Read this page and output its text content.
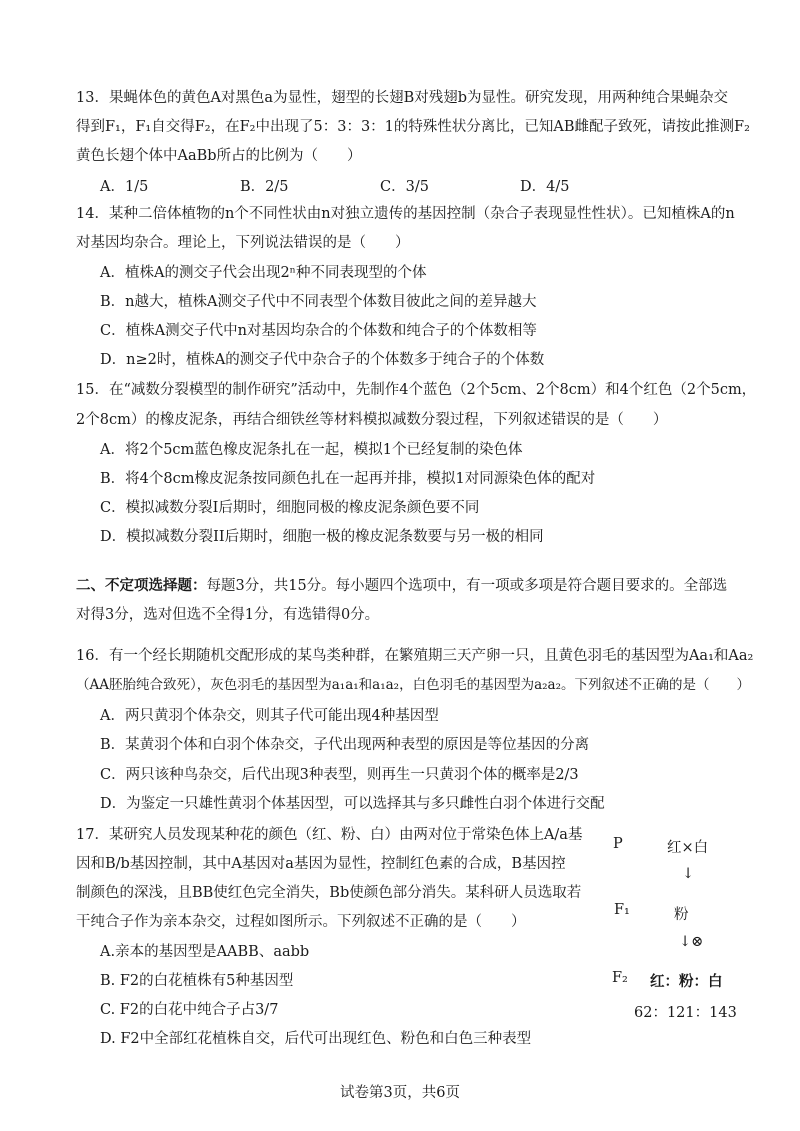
13．果蝇体色的黄色A对黑色a为显性，翅型的长翅B对残翅b为显性。研究发现，用两种纯合果蝇杂交
得到F₁，F₁自交得F₂，在F₂中出现了5：3：3：1的特殊性状分离比，已知AB雌配子致死，请按此推测F₂
黄色长翅个体中AaBb所占的比例为（　　）
A．1/5	B．2/5	C．3/5	D．4/5
14．某种二倍体植物的n个不同性状由n对独立遗传的基因控制（杂合子表现显性性状）。已知植株A的n
对基因均杂合。理论上，下列说法错误的是（　　）
A．植株A的测交子代会出现2ⁿ种不同表现型的个体
B．n越大，植株A测交子代中不同表型个体数目彼此之间的差异越大
C．植株A测交子代中n对基因均杂合的个体数和纯合子的个体数相等
D．n≥2时，植株A的测交子代中杂合子的个体数多于纯合子的个体数
15．在“减数分裂模型的制作研究”活动中，先制作4个蓝色（2个5cm、2个8cm）和4个红色（2个5cm，
2个8cm）的橡皮泥条，再结合细铁丝等材料模拟减数分裂过程，下列叙述错误的是（　　）
A．将2个5cm蓝色橡皮泥条扎在一起，模拟1个已经复制的染色体
B．将4个8cm橡皮泥条按同颜色扎在一起再并排，模拟1对同源染色体的配对
C．模拟减数分裂I后期时，细胞同极的橡皮泥条颜色要不同
D．模拟减数分裂II后期时，细胞一极的橡皮泥条数要与另一极的相同
二、不定项选择题：每题3分，共15分。每小题四个选项中，有一项或多项是符合题目要求的。全部选
对得3分，选对但选不全得1分，有选错得0分。
16．有一个经长期随机交配形成的某鸟类种群，在繁殖期三天产卵一只，且黄色羽毛的基因型为Aa₁和Aa₂
（AA胚胎纯合致死），灰色羽毛的基因型为a₁a₁和a₁a₂，白色羽毛的基因型为a₂a₂。下列叙述不正确的是（　　）
A．两只黄羽个体杂交，则其子代可能出现4种基因型
B．某黄羽个体和白羽个体杂交，子代出现两种表型的原因是等位基因的分离
C．两只该种鸟杂交，后代出现3种表型，则再生一只黄羽个体的概率是2/3
D．为鉴定一只雄性黄羽个体基因型，可以选择其与多只雌性白羽个体进行交配
17．某研究人员发现某种花的颜色（红、粉、白）由两对位于常染色体上A/a基
因和B/b基因控制，其中A基因对a基因为显性，控制红色素的合成，B基因控
制颜色的深浅，且BB使红色完全消失，Bb使颜色部分消失。某科研人员选取若
干纯合子作为亲本杂交，过程如图所示。下列叙述不正确的是（　　）
A.亲本的基因型是AABB、aabb
B. F2的白花植株有5种基因型
C. F2的白花中纯合子占3/7
D. F2中全部红花植株自交，后代可出现红色、粉色和白色三种表型
P	红×白
↓
F₁	粉
↓⊗
F₂ 红：粉：白
62：121：143
试卷第3页，共6页
